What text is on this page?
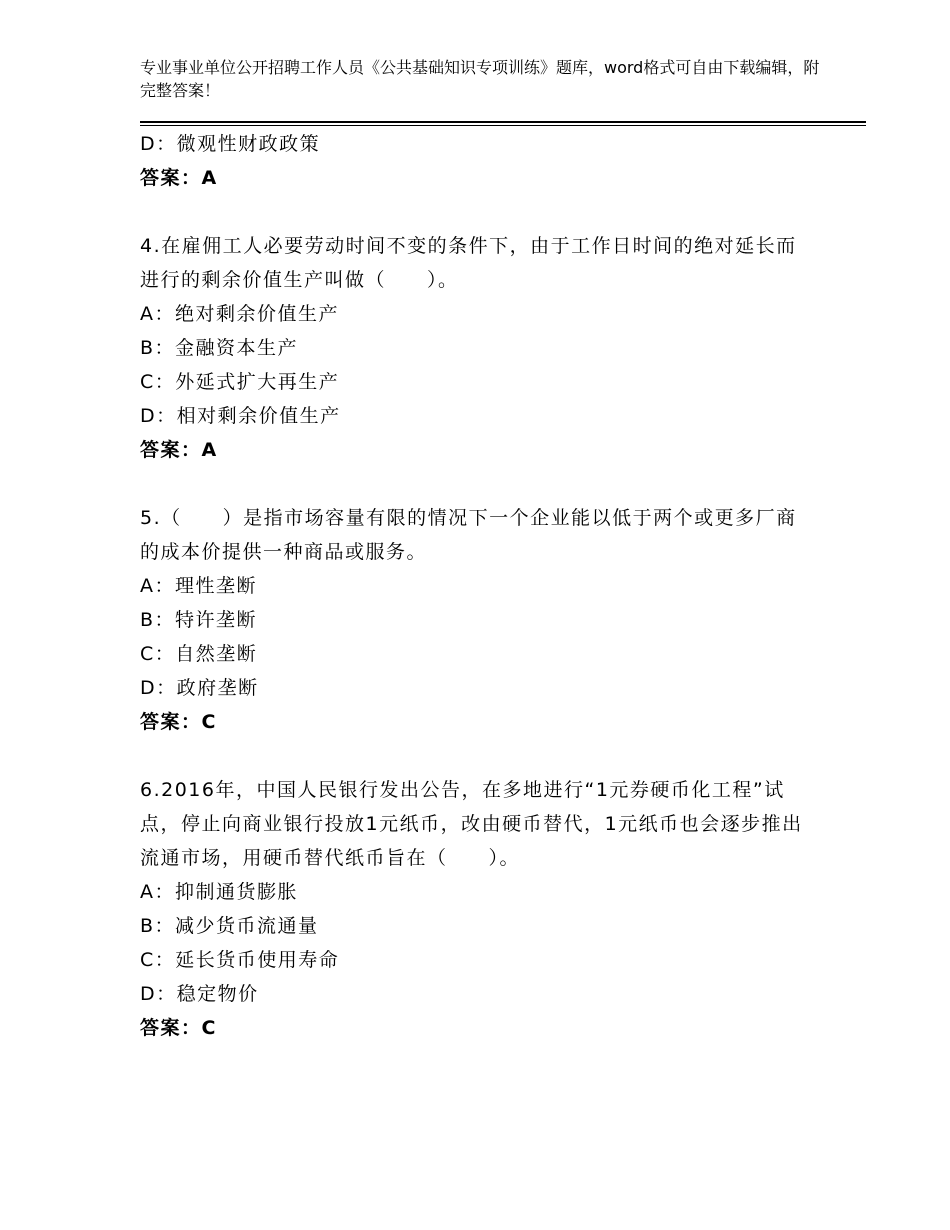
专业事业单位公开招聘工作人员《公共基础知识专项训练》题库，word格式可自由下载编辑，附完整答案！
D：微观性财政政策
答案：A
4.在雇佣工人必要劳动时间不变的条件下，由于工作日时间的绝对延长而进行的剩余价值生产叫做（　　）。
A：绝对剩余价值生产
B：金融资本生产
C：外延式扩大再生产
D：相对剩余价值生产
答案：A
5.（　　）是指市场容量有限的情况下一个企业能以低于两个或更多厂商的成本价提供一种商品或服务。
A：理性垄断
B：特许垄断
C：自然垄断
D：政府垄断
答案：C
6.2016年，中国人民银行发出公告，在多地进行“1元券硬币化工程”试点，停止向商业银行投放1元纸币，改由硬币替代，1元纸币也会逐步推出流通市场，用硬币替代纸币旨在（　　）。
A：抑制通货膨胀
B：减少货币流通量
C：延长货币使用寿命
D：稳定物价
答案：C
